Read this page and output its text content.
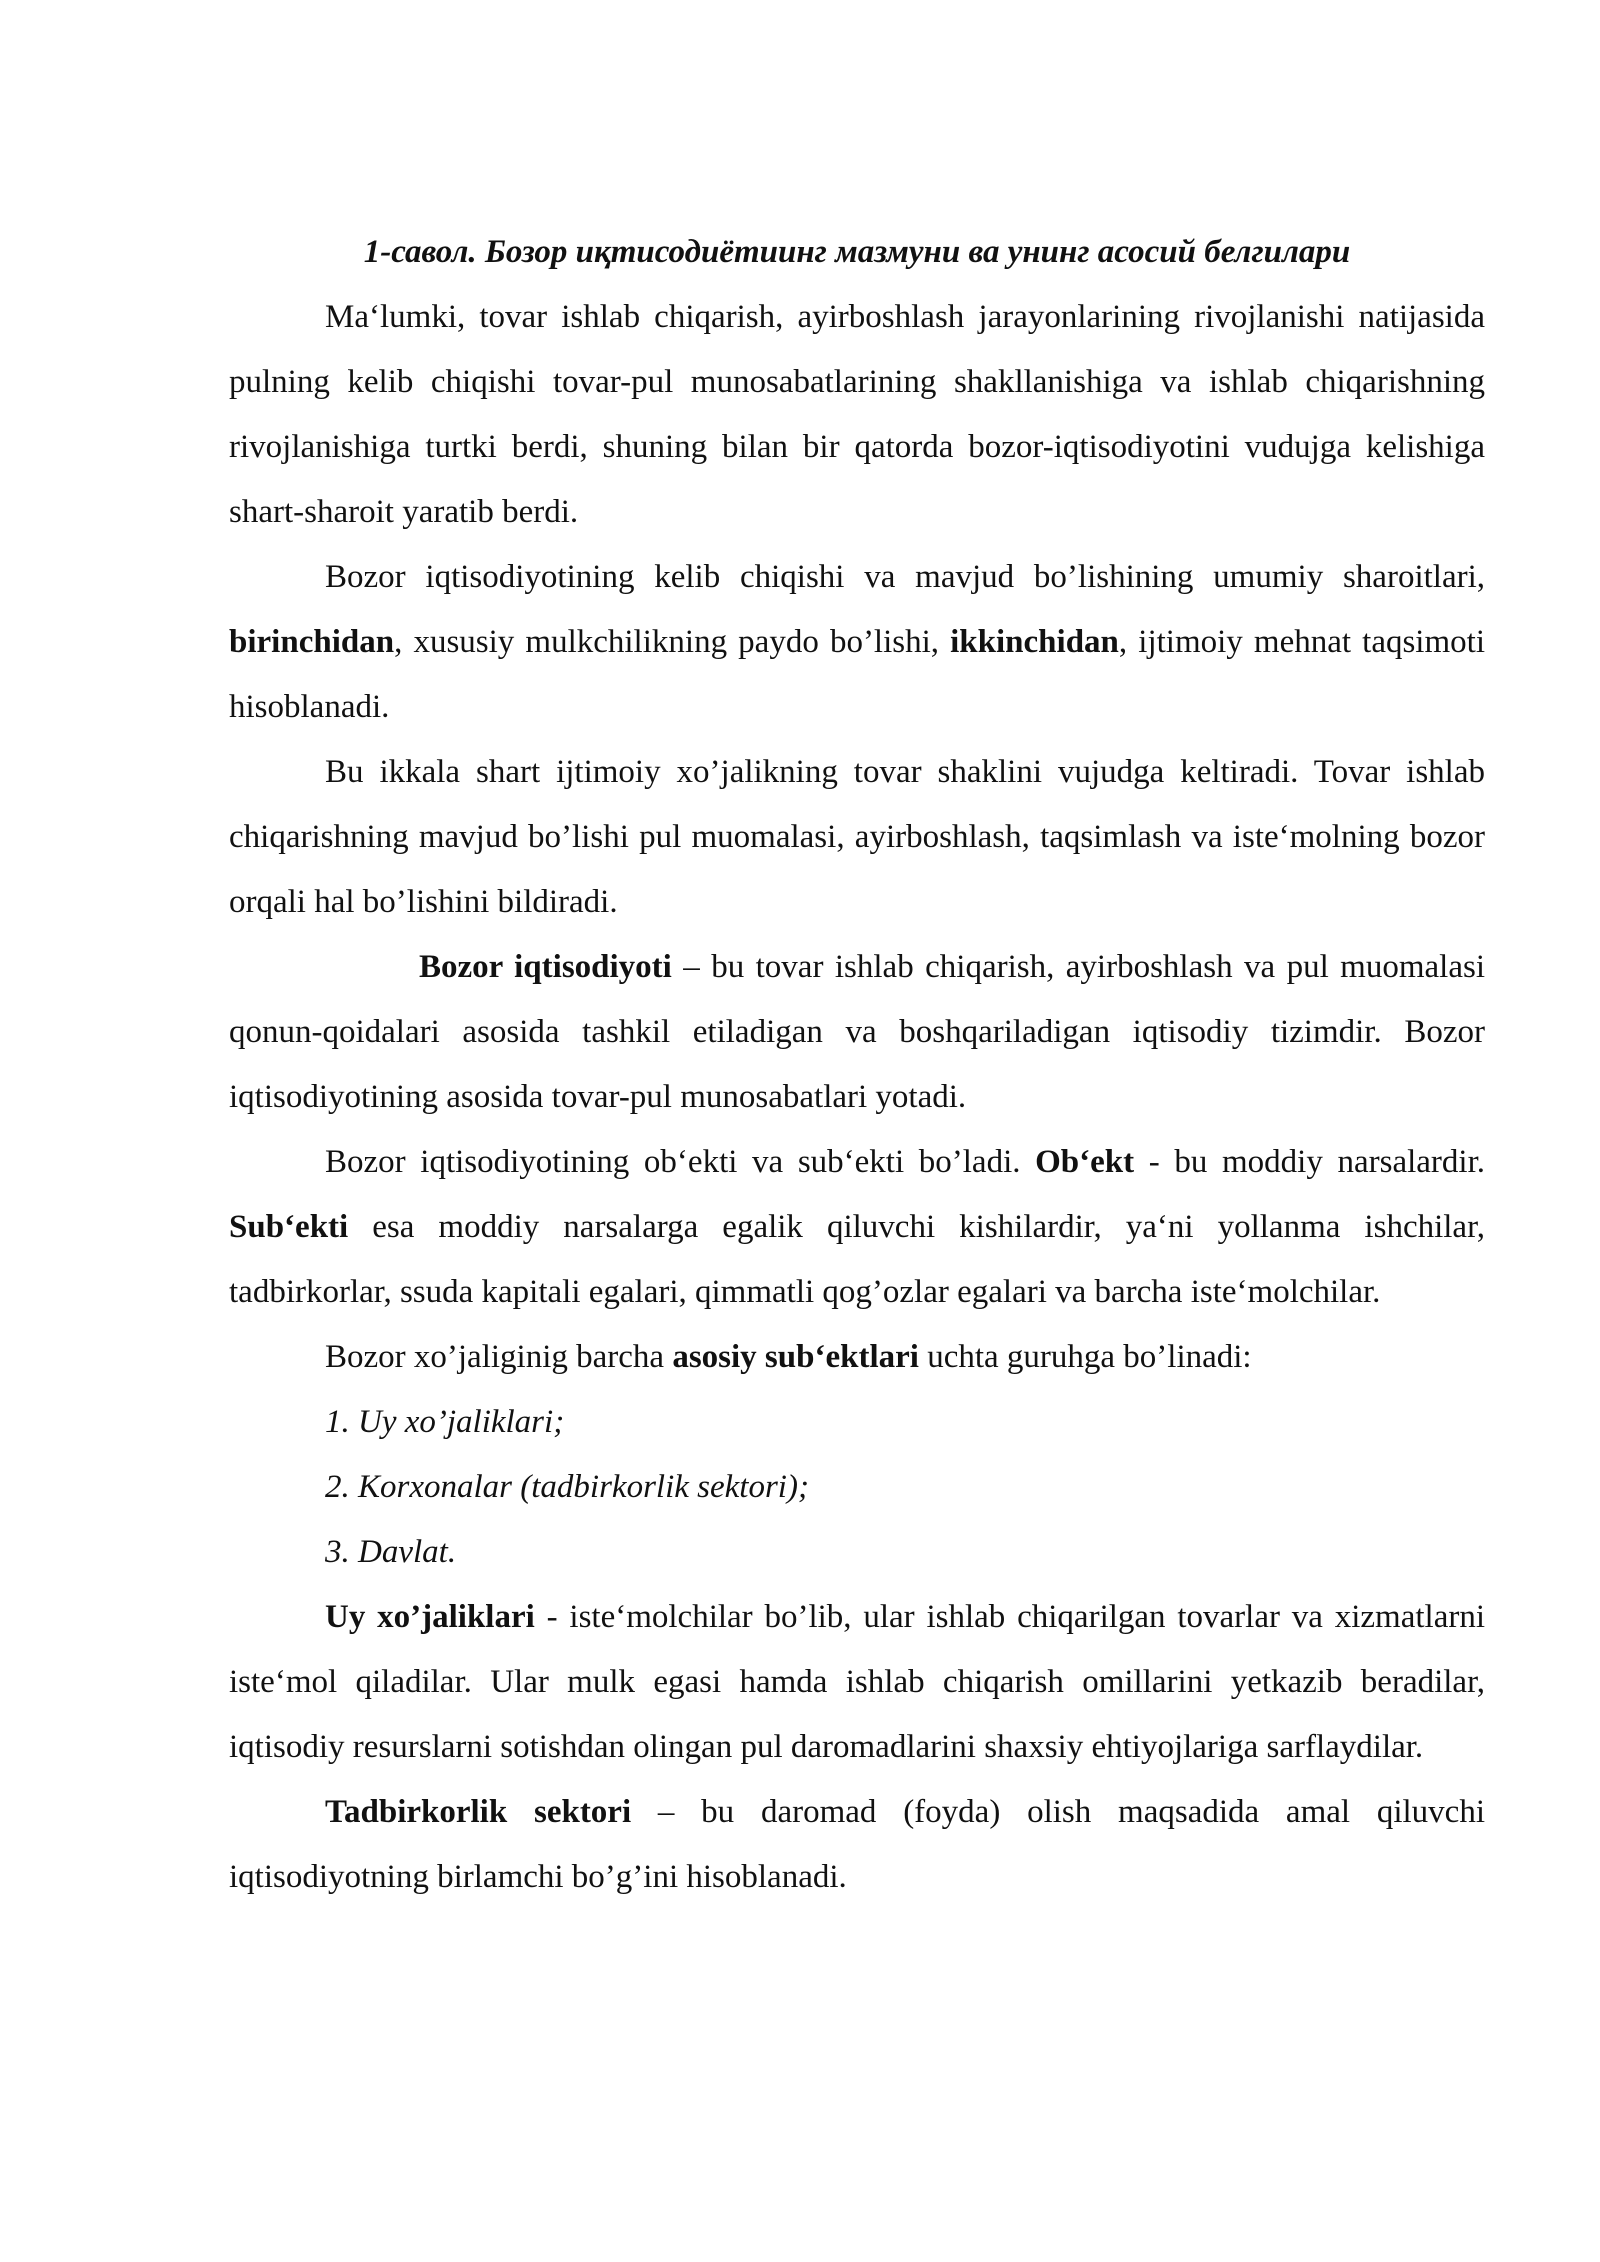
1-савол. Бозор иқтисодиётиинг мазмуни ва унинг асосий белгилари

Ma‘lumki, tovar ishlab chiqarish, ayirboshlash jarayonlarining rivojlanishi natijasida pulning kelib chiqishi tovar-pul munosabatlarining shakllanishiga va ishlab chiqarishning rivojlanishiga turtki berdi, shuning bilan bir qatorda bozor-iqtisodiyotini vudujga kelishiga shart-sharoit yaratib berdi.

Bozor iqtisodiyotining kelib chiqishi va mavjud bo’lishining umumiy sharoitlari, birinchidan, xususiy mulkchilikning paydo bo’lishi, ikkinchidan, ijtimoiy mehnat taqsimoti hisoblanadi.

Bu ikkala shart ijtimoiy xo’jalikning tovar shaklini vujudga keltiradi. Tovar ishlab chiqarishning mavjud bo’lishi pul muomalasi, ayirboshlash, taqsimlash va iste‘molning bozor orqali hal bo’lishini bildiradi.

Bozor iqtisodiyoti – bu tovar ishlab chiqarish, ayirboshlash va pul muomalasi qonun-qoidalari asosida tashkil etiladigan va boshqariladigan iqtisodiy tizimdir. Bozor iqtisodiyotining asosida tovar-pul munosabatlari yotadi.

Bozor iqtisodiyotining ob‘ekti va sub‘ekti bo’ladi. Ob‘ekt - bu moddiy narsalardir. Sub‘ekti esa moddiy narsalarga egalik qiluvchi kishilardir, ya‘ni yollanma ishchilar, tadbirkorlar, ssuda kapitali egalari, qimmatli qog’ozlar egalari va barcha iste‘molchilar.

Bozor xo’jaliginig barcha asosiy sub‘ektlari uchta guruhga bo’linadi:

1. Uy xo’jaliklari;

2. Korxonalar (tadbirkorlik sektori);

3. Davlat.

Uy xo’jaliklari - iste‘molchilar bo’lib, ular ishlab chiqarilgan tovarlar va xizmatlarni iste‘mol qiladilar. Ular mulk egasi hamda ishlab chiqarish omillarini yetkazib beradilar, iqtisodiy resurslarni sotishdan olingan pul daromadlarini shaxsiy ehtiyojlariga sarflaydilar.

Tadbirkorlik sektori – bu daromad (foyda) olish maqsadida amal qiluvchi iqtisodiyotning birlamchi bo’g’ini hisoblanadi.
